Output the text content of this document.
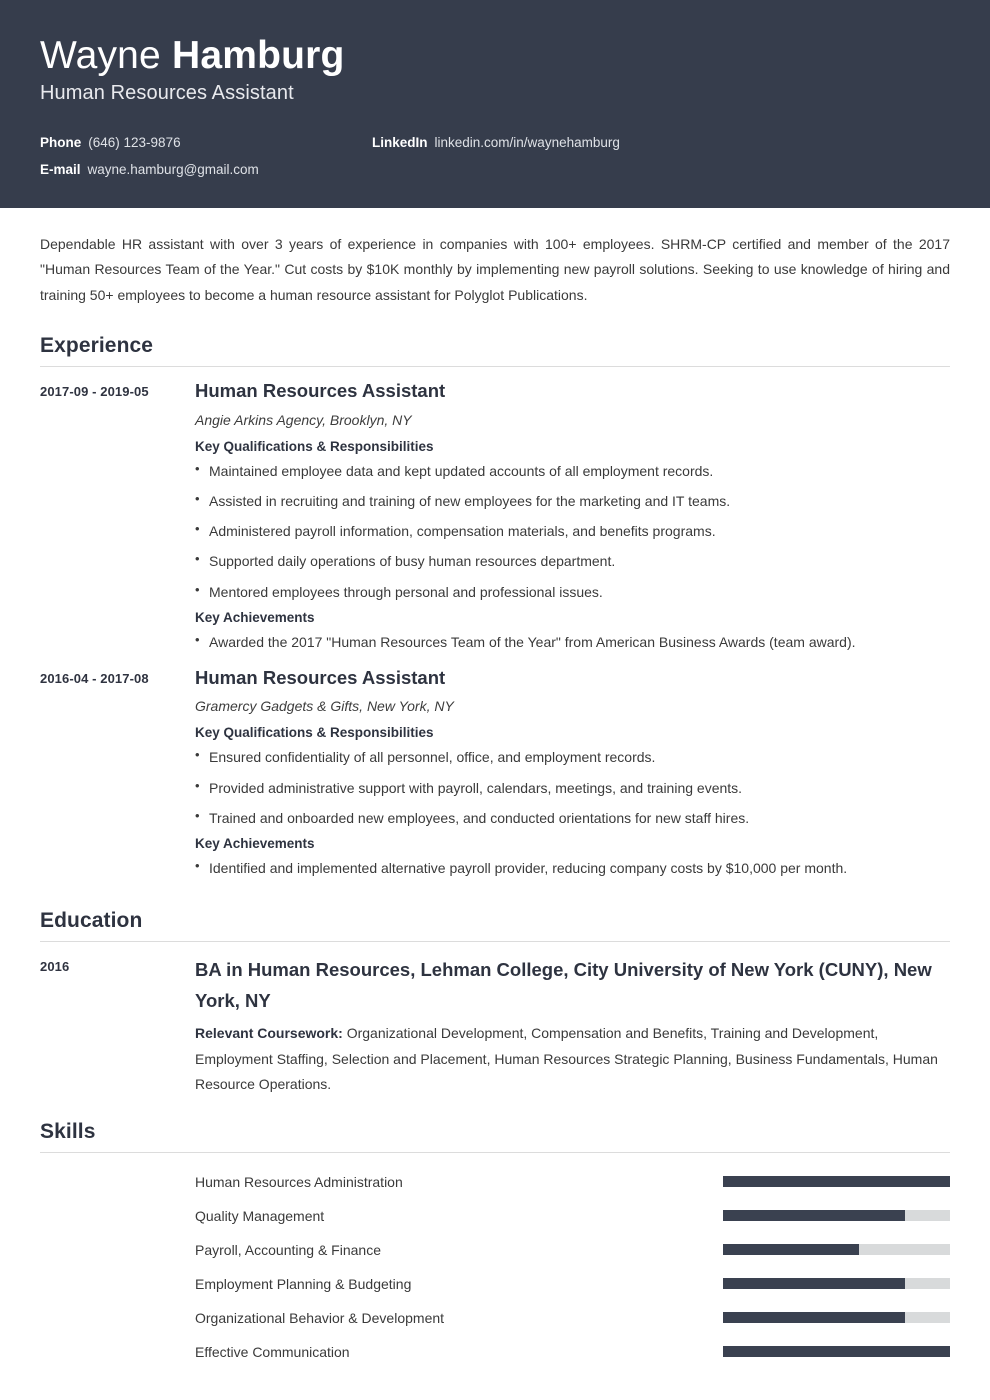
Wayne Hamburg
Human Resources Assistant
Phone (646) 123-9876	LinkedIn linkedin.com/in/waynehamburg
E-mail wayne.hamburg@gmail.com

Dependable HR assistant with over 3 years of experience in companies with 100+ employees. SHRM-CP certified and member of the 2017 "Human Resources Team of the Year." Cut costs by $10K monthly by implementing new payroll solutions. Seeking to use knowledge of hiring and training 50+ employees to become a human resource assistant for Polyglot Publications.

Experience
2017-09 - 2019-05	Human Resources Assistant
Angie Arkins Agency, Brooklyn, NY
Key Qualifications & Responsibilities
• Maintained employee data and kept updated accounts of all employment records.
• Assisted in recruiting and training of new employees for the marketing and IT teams.
• Administered payroll information, compensation materials, and benefits programs.
• Supported daily operations of busy human resources department.
• Mentored employees through personal and professional issues.
Key Achievements
• Awarded the 2017 "Human Resources Team of the Year" from American Business Awards (team award).
2016-04 - 2017-08	Human Resources Assistant
Gramercy Gadgets & Gifts, New York, NY
Key Qualifications & Responsibilities
• Ensured confidentiality of all personnel, office, and employment records.
• Provided administrative support with payroll, calendars, meetings, and training events.
• Trained and onboarded new employees, and conducted orientations for new staff hires.
Key Achievements
• Identified and implemented alternative payroll provider, reducing company costs by $10,000 per month.
Education
2016	BA in Human Resources, Lehman College, City University of New York (CUNY), New York, NY

Relevant Coursework: Organizational Development, Compensation and Benefits, Training and Development, Employment Staffing, Selection and Placement, Human Resources Strategic Planning, Business Fundamentals, Human Resource Operations.

Skills
Human Resources Administration
Quality Management
Payroll, Accounting & Finance
Employment Planning & Budgeting
Organizational Behavior & Development
Effective Communication
